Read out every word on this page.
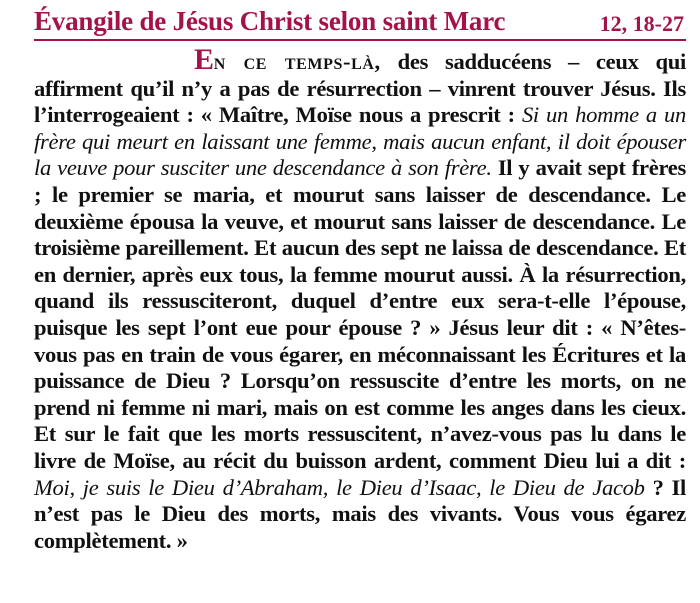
Évangile de Jésus Christ selon saint Marc	12, 18-27

En ce temps-là, des sadducéens – ceux qui affirment qu’il n’y a pas de résurrection – vinrent trouver Jésus. Ils l’interrogeaient : « Maître, Moïse nous a prescrit : Si un homme a un frère qui meurt en laissant une femme, mais aucun enfant, il doit épouser la veuve pour susciter une descendance à son frère. Il y avait sept frères ; le premier se maria, et mourut sans laisser de descendance. Le deuxième épousa la veuve, et mourut sans laisser de descendance. Le troisième pareillement. Et aucun des sept ne laissa de descendance. Et en dernier, après eux tous, la femme mourut aussi. À la résurrection, quand ils ressusciteront, duquel d’entre eux sera-t-elle l’épouse, puisque les sept l’ont eue pour épouse ? » Jésus leur dit : « N’êtes-vous pas en train de vous égarer, en méconnaissant les Écritures et la puissance de Dieu ? Lorsqu’on ressuscite d’entre les morts, on ne prend ni femme ni mari, mais on est comme les anges dans les cieux. Et sur le fait que les morts ressuscitent, n’avez-vous pas lu dans le livre de Moïse, au récit du buisson ardent, comment Dieu lui a dit : Moi, je suis le Dieu d’Abraham, le Dieu d’Isaac, le Dieu de Jacob ? Il n’est pas le Dieu des morts, mais des vivants. Vous vous égarez complètement. »
